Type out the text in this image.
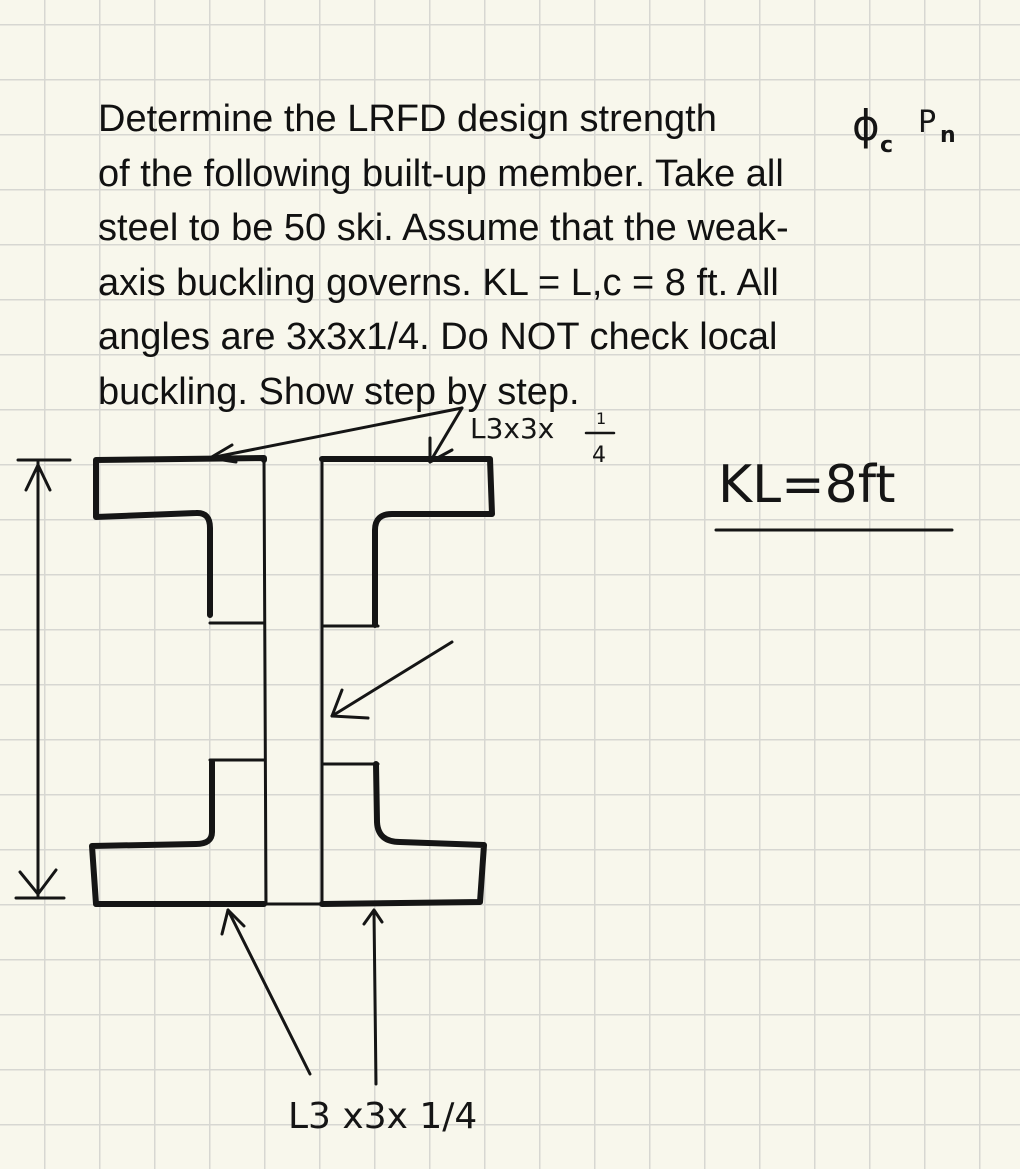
Determine the LRFD design strength
of the following built-up member. Take all
steel to be 50 ski. Assume that the weak-
axis buckling governs. KL = L,c = 8 ft. All
angles are 3x3x1/4. Do NOT check local
buckling. Show step by step.

ϕ c
P n
L3x3x	1
4
L3 x3x 1/4
KL=8ft
